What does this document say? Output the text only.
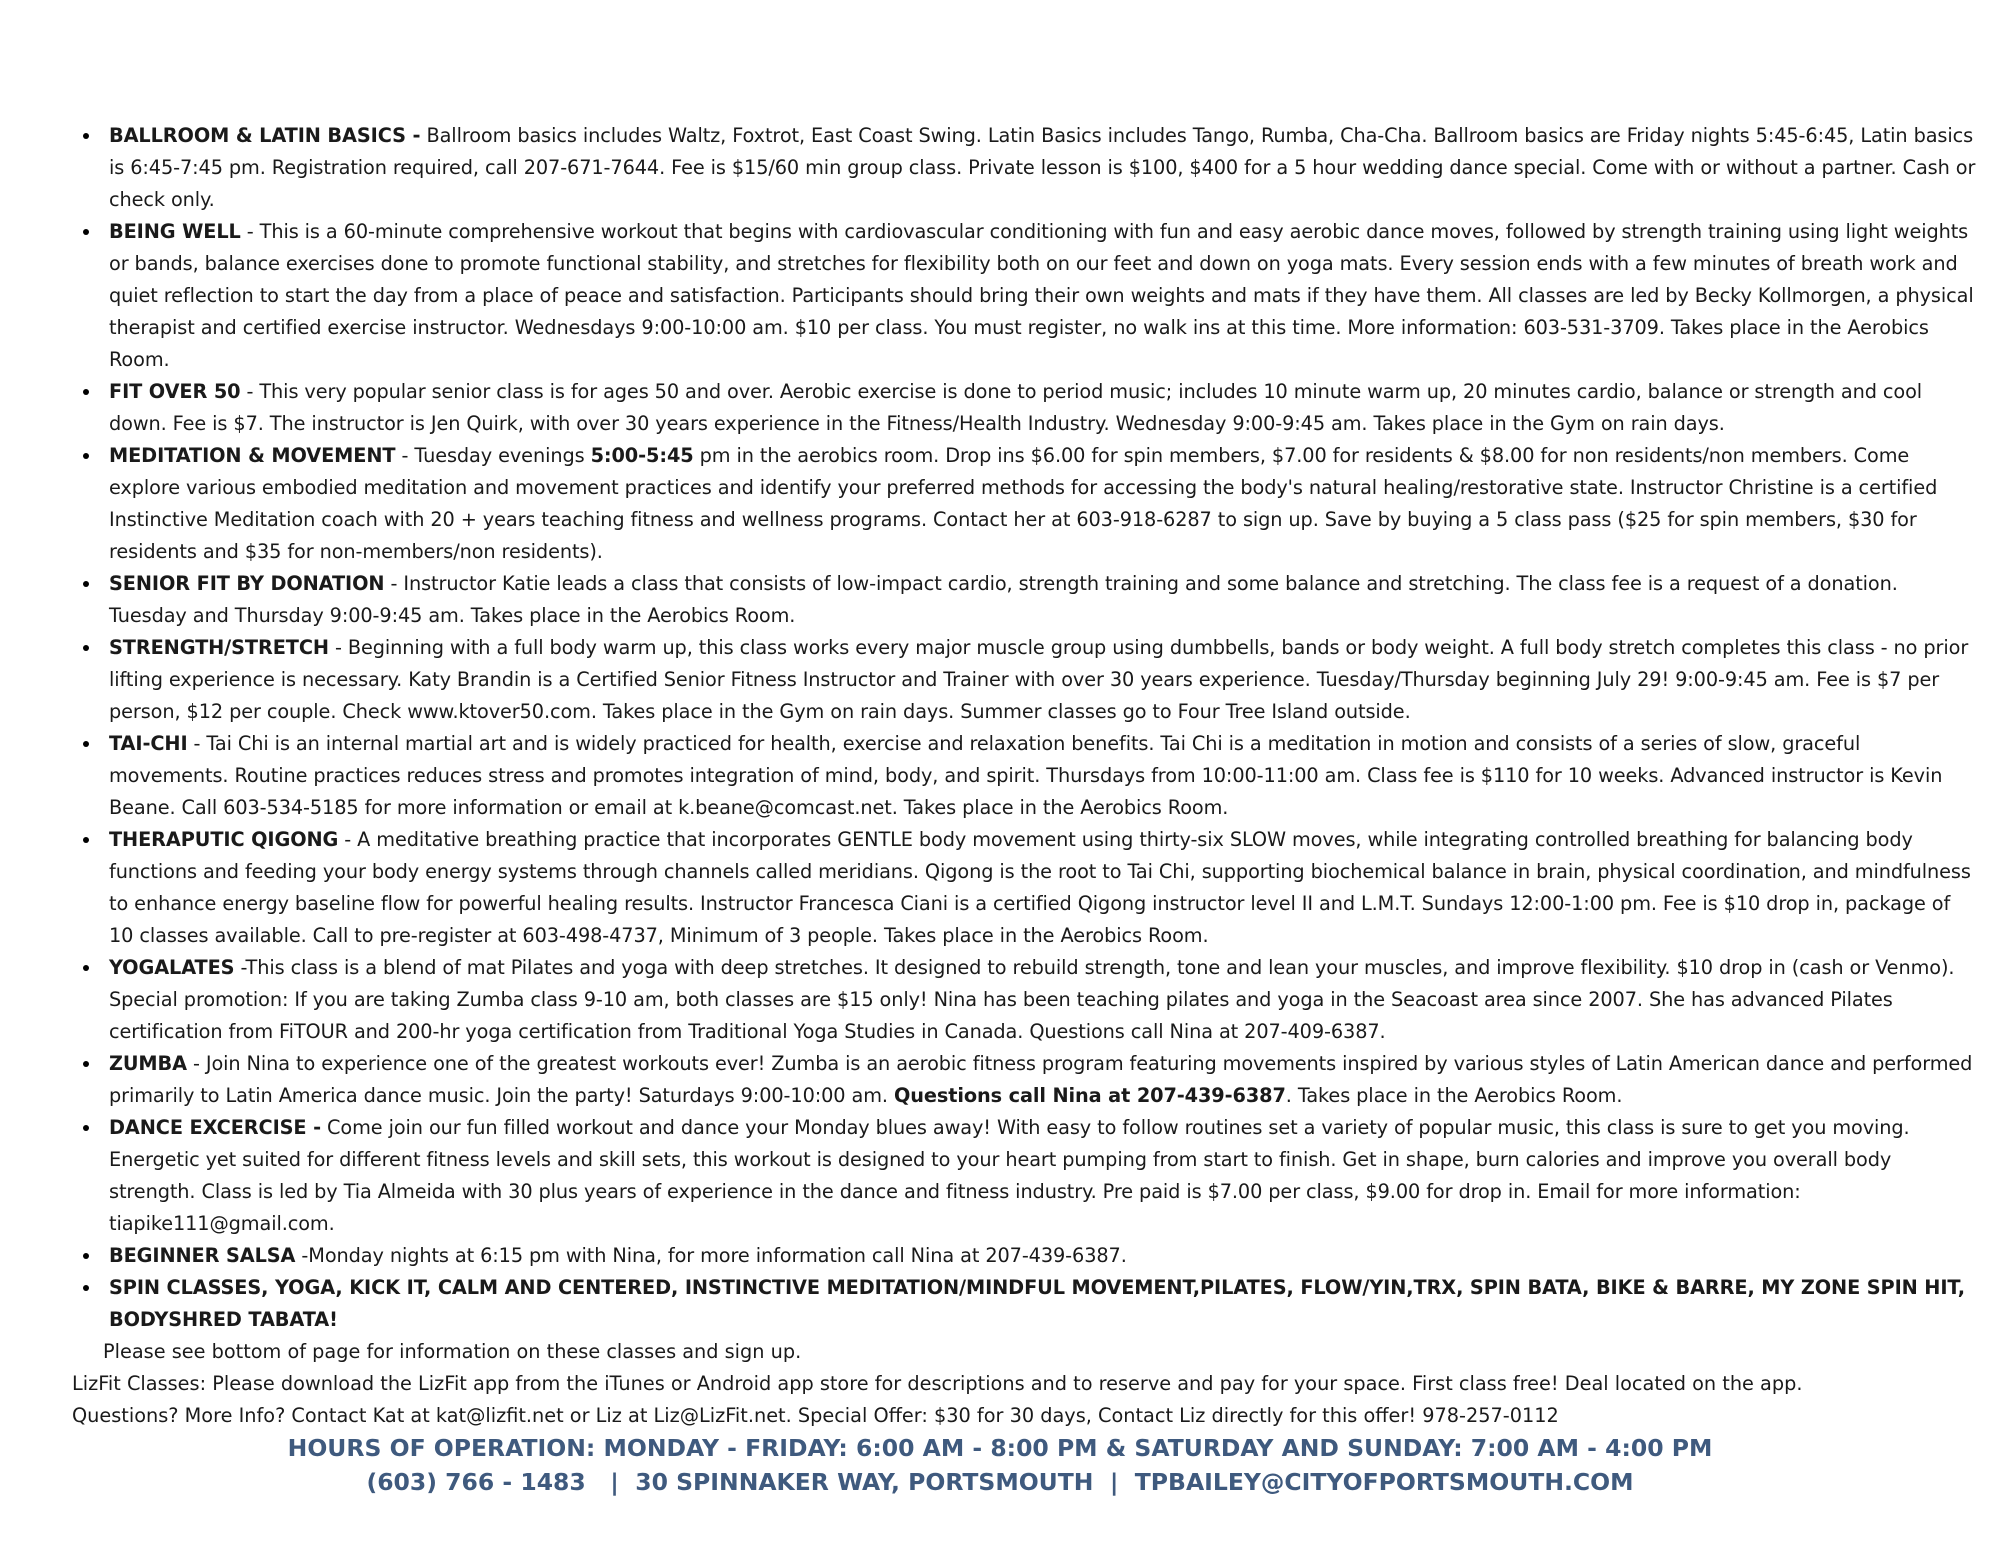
BALLROOM & LATIN BASICS - Ballroom basics includes Waltz, Foxtrot, East Coast Swing. Latin Basics includes Tango, Rumba, Cha-Cha. Ballroom basics are Friday nights 5:45-6:45, Latin basics is 6:45-7:45 pm. Registration required, call 207-671-7644. Fee is $15/60 min group class. Private lesson is $100, $400 for a 5 hour wedding dance special. Come with or without a partner. Cash or check only.
BEING WELL - This is a 60-minute comprehensive workout that begins with cardiovascular conditioning with fun and easy aerobic dance moves, followed by strength training using light weights or bands, balance exercises done to promote functional stability, and stretches for flexibility both on our feet and down on yoga mats. Every session ends with a few minutes of breath work and quiet reflection to start the day from a place of peace and satisfaction. Participants should bring their own weights and mats if they have them. All classes are led by Becky Kollmorgen, a physical therapist and certified exercise instructor. Wednesdays 9:00-10:00 am. $10 per class. You must register, no walk ins at this time. More information: 603-531-3709. Takes place in the Aerobics Room.
FIT OVER 50 - This very popular senior class is for ages 50 and over. Aerobic exercise is done to period music; includes 10 minute warm up, 20 minutes cardio, balance or strength and cool down. Fee is $7. The instructor is Jen Quirk, with over 30 years experience in the Fitness/Health Industry. Wednesday 9:00-9:45 am. Takes place in the Gym on rain days.
MEDITATION & MOVEMENT - Tuesday evenings 5:00-5:45 pm in the aerobics room. Drop ins $6.00 for spin members, $7.00 for residents & $8.00 for non residents/non members. Come explore various embodied meditation and movement practices and identify your preferred methods for accessing the body's natural healing/restorative state. Instructor Christine is a certified Instinctive Meditation coach with 20 + years teaching fitness and wellness programs. Contact her at 603-918-6287 to sign up. Save by buying a 5 class pass ($25 for spin members, $30 for residents and $35 for non-members/non residents).
SENIOR FIT BY DONATION - Instructor Katie leads a class that consists of low-impact cardio, strength training and some balance and stretching. The class fee is a request of a donation. Tuesday and Thursday 9:00-9:45 am. Takes place in the Aerobics Room.
STRENGTH/STRETCH - Beginning with a full body warm up, this class works every major muscle group using dumbbells, bands or body weight. A full body stretch completes this class - no prior lifting experience is necessary. Katy Brandin is a Certified Senior Fitness Instructor and Trainer with over 30 years experience. Tuesday/Thursday beginning July 29! 9:00-9:45 am. Fee is $7 per person, $12 per couple. Check www.ktover50.com. Takes place in the Gym on rain days. Summer classes go to Four Tree Island outside.
TAI-CHI - Tai Chi is an internal martial art and is widely practiced for health, exercise and relaxation benefits. Tai Chi is a meditation in motion and consists of a series of slow, graceful movements. Routine practices reduces stress and promotes integration of mind, body, and spirit. Thursdays from 10:00-11:00 am. Class fee is $110 for 10 weeks. Advanced instructor is Kevin Beane. Call 603-534-5185 for more information or email at k.beane@comcast.net. Takes place in the Aerobics Room.
THERAPUTIC QIGONG - A meditative breathing practice that incorporates GENTLE body movement using thirty-six SLOW moves, while integrating controlled breathing for balancing body functions and feeding your body energy systems through channels called meridians. Qigong is the root to Tai Chi, supporting biochemical balance in brain, physical coordination, and mindfulness to enhance energy baseline flow for powerful healing results. Instructor Francesca Ciani is a certified Qigong instructor level II and L.M.T. Sundays 12:00-1:00 pm. Fee is $10 drop in, package of 10 classes available. Call to pre-register at 603-498-4737, Minimum of 3 people. Takes place in the Aerobics Room.
YOGALATES -This class is a blend of mat Pilates and yoga with deep stretches. It designed to rebuild strength, tone and lean your muscles, and improve flexibility. $10 drop in (cash or Venmo). Special promotion: If you are taking Zumba class 9-10 am, both classes are $15 only! Nina has been teaching pilates and yoga in the Seacoast area since 2007. She has advanced Pilates certification from FiTOUR and 200-hr yoga certification from Traditional Yoga Studies in Canada. Questions call Nina at 207-409-6387.
ZUMBA - Join Nina to experience one of the greatest workouts ever! Zumba is an aerobic fitness program featuring movements inspired by various styles of Latin American dance and performed primarily to Latin America dance music. Join the party! Saturdays 9:00-10:00 am. Questions call Nina at 207-439-6387. Takes place in the Aerobics Room.
DANCE EXCERCISE - Come join our fun filled workout and dance your Monday blues away! With easy to follow routines set a variety of popular music, this class is sure to get you moving. Energetic yet suited for different fitness levels and skill sets, this workout is designed to your heart pumping from start to finish. Get in shape, burn calories and improve you overall body strength. Class is led by Tia Almeida with 30 plus years of experience in the dance and fitness industry. Pre paid is $7.00 per class, $9.00 for drop in. Email for more information: tiapike111@gmail.com.
BEGINNER SALSA -Monday nights at 6:15 pm with Nina, for more information call Nina at 207-439-6387.
SPIN CLASSES, YOGA, KICK IT, CALM AND CENTERED, INSTINCTIVE MEDITATION/MINDFUL MOVEMENT,PILATES, FLOW/YIN,TRX, SPIN BATA, BIKE & BARRE, MY ZONE SPIN HIT, BODYSHRED TABATA!

Please see bottom of page for information on these classes and sign up.

LizFit Classes: Please download the LizFit app from the iTunes or Android app store for descriptions and to reserve and pay for your space. First class free! Deal located on the app.
Questions? More Info? Contact Kat at kat@lizfit.net or Liz at Liz@LizFit.net. Special Offer: $30 for 30 days, Contact Liz directly for this offer! 978-257-0112
HOURS OF OPERATION: MONDAY - FRIDAY: 6:00 AM - 8:00 PM & SATURDAY AND SUNDAY: 7:00 AM - 4:00 PM
(603) 766 - 1483   |  30 SPINNAKER WAY, PORTSMOUTH  |  TPBAILEY@CITYOFPORTSMOUTH.COM
